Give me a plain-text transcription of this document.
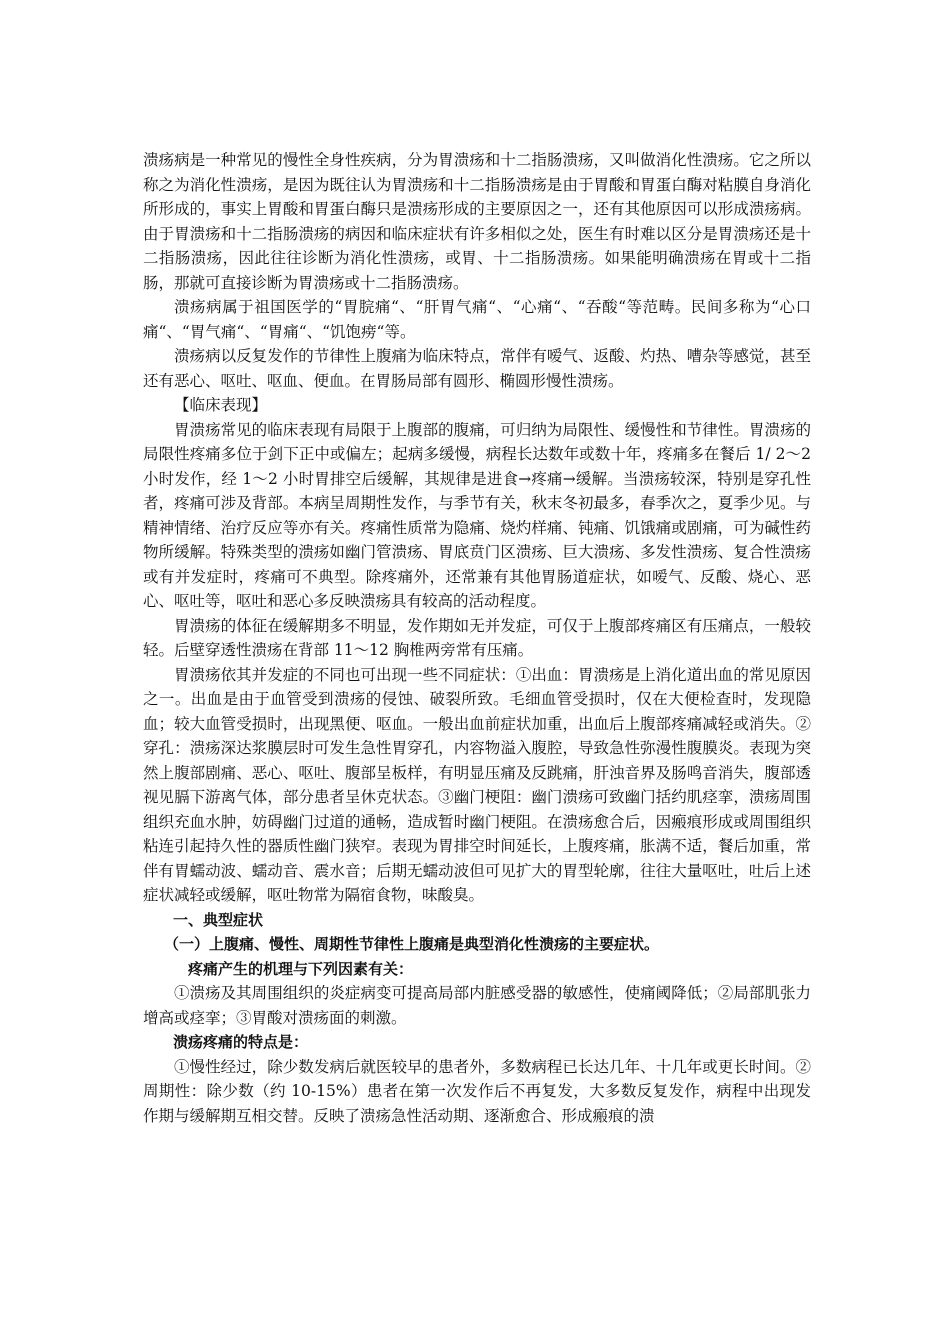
溃疡病是一种常见的慢性全身性疾病，分为胃溃疡和十二指肠溃疡，又叫做消化性溃疡。它之所以称之为消化性溃疡，是因为既往认为胃溃疡和十二指肠溃疡是由于胃酸和胃蛋白酶对粘膜自身消化所形成的，事实上胃酸和胃蛋白酶只是溃疡形成的主要原因之一，还有其他原因可以形成溃疡病。由于胃溃疡和十二指肠溃疡的病因和临床症状有许多相似之处，医生有时难以区分是胃溃疡还是十二指肠溃疡，因此往往诊断为消化性溃疡，或胃、十二指肠溃疡。如果能明确溃疡在胃或十二指肠，那就可直接诊断为胃溃疡或十二指肠溃疡。

溃疡病属于祖国医学的“胃脘痛“、“肝胃气痛“、“心痛“、“吞酸“等范畴。民间多称为“心口痛“、“胃气痛“、“胃痛“、“饥饱痨“等。

溃疡病以反复发作的节律性上腹痛为临床特点，常伴有嗳气、返酸、灼热、嘈杂等感觉，甚至还有恶心、呕吐、呕血、便血。在胃肠局部有圆形、椭圆形慢性溃疡。

【临床表现】

胃溃疡常见的临床表现有局限于上腹部的腹痛，可归纳为局限性、缓慢性和节律性。胃溃疡的局限性疼痛多位于剑下正中或偏左；起病多缓慢，病程长达数年或数十年，疼痛多在餐后 1/ 2～2 小时发作，经 1～2 小时胃排空后缓解，其规律是进食→疼痛→缓解。当溃疡较深，特别是穿孔性者，疼痛可涉及背部。本病呈周期性发作，与季节有关，秋末冬初最多，春季次之，夏季少见。与精神情绪、治疗反应等亦有关。疼痛性质常为隐痛、烧灼样痛、钝痛、饥饿痛或剧痛，可为碱性药物所缓解。特殊类型的溃疡如幽门管溃疡、胃底贲门区溃疡、巨大溃疡、多发性溃疡、复合性溃疡或有并发症时，疼痛可不典型。除疼痛外，还常兼有其他胃肠道症状，如嗳气、反酸、烧心、恶心、呕吐等，呕吐和恶心多反映溃疡具有较高的活动程度。

胃溃疡的体征在缓解期多不明显，发作期如无并发症，可仅于上腹部疼痛区有压痛点，一般较轻。后壁穿透性溃疡在背部 11～12 胸椎两旁常有压痛。

胃溃疡依其并发症的不同也可出现一些不同症状：①出血：胃溃疡是上消化道出血的常见原因之一。出血是由于血管受到溃疡的侵蚀、破裂所致。毛细血管受损时，仅在大便检查时，发现隐血；较大血管受损时，出现黑便、呕血。一般出血前症状加重，出血后上腹部疼痛减轻或消失。②穿孔：溃疡深达浆膜层时可发生急性胃穿孔，内容物溢入腹腔，导致急性弥漫性腹膜炎。表现为突然上腹部剧痛、恶心、呕吐、腹部呈板样，有明显压痛及反跳痛，肝浊音界及肠鸣音消失，腹部透视见膈下游离气体，部分患者呈休克状态。③幽门梗阻：幽门溃疡可致幽门括约肌痉挛，溃疡周围组织充血水肿，妨碍幽门过道的通畅，造成暂时幽门梗阻。在溃疡愈合后，因瘢痕形成或周围组织粘连引起持久性的器质性幽门狭窄。表现为胃排空时间延长，上腹疼痛，胀满不适，餐后加重，常伴有胃蠕动波、蠕动音、震水音；后期无蠕动波但可见扩大的胃型轮廓，往往大量呕吐，吐后上述症状减轻或缓解，呕吐物常为隔宿食物，味酸臭。

一、典型症状

（一）上腹痛、慢性、周期性节律性上腹痛是典型消化性溃疡的主要症状。

疼痛产生的机理与下列因素有关：

①溃疡及其周围组织的炎症病变可提高局部内脏感受器的敏感性，使痛阈降低；②局部肌张力增高或痉挛；③胃酸对溃疡面的刺激。

溃疡疼痛的特点是：

①慢性经过，除少数发病后就医较早的患者外，多数病程已长达几年、十几年或更长时间。②周期性：除少数（约 10-15%）患者在第一次发作后不再复发，大多数反复发作，病程中出现发作期与缓解期互相交替。反映了溃疡急性活动期、逐渐愈合、形成瘢痕的溃
